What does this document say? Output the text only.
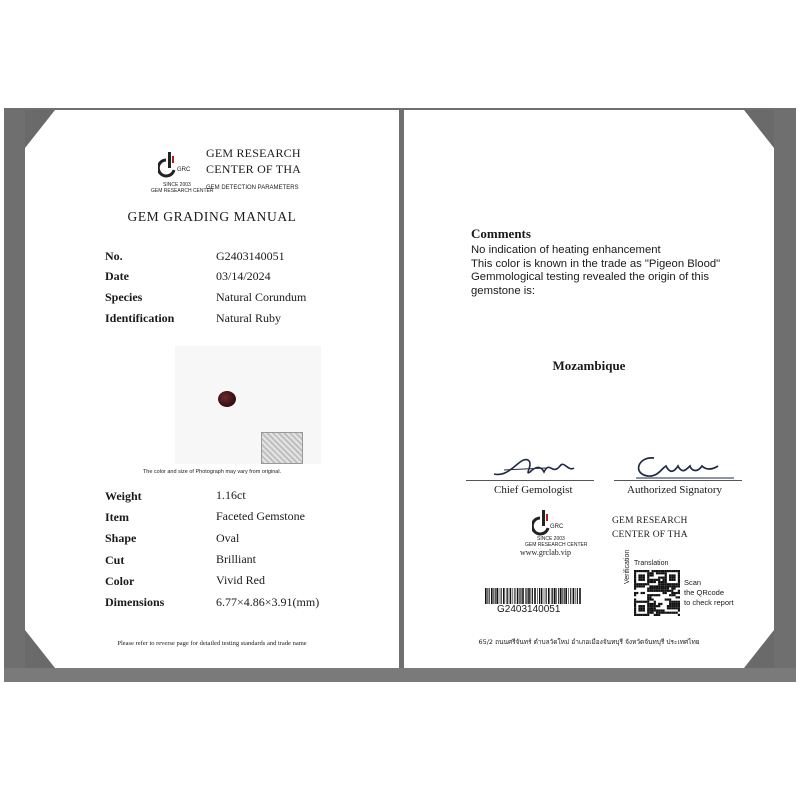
GRC
SINCE 2003
GEM RESEARCH CENTER
GEM RESEARCH
CENTER OF THA
GEM DETECTION PARAMETERS
GEM GRADING MANUAL
No.	G2403140051
Date	03/14/2024
Species	Natural Corundum
Identification	Natural Ruby
The color and size of Photograph may vary from original.
Weight	1.16ct
Item	Faceted Gemstone
Shape	Oval
Cut	Brilliant
Color	Vivid Red
Dimensions	6.77×4.86×3.91(mm)
Please refer to reverse page for detailed testing standards and trade name
Comments
No indication of heating enhancement
This color is known in the trade as "Pigeon Blood"
Gemmological testing revealed the origin of this
gemstone is:
Mozambique
Chief Gemologist	Authorized Signatory
GRC
SINCE 2003
GEM RESEARCH CENTER
www.grclab.vip
GEM RESEARCH
CENTER OF THA
G2403140051
Translation
Verification	Scan
the QRcode
to check report
65/2 ถนนศรีจันทร์ ตำบลวัดใหม่ อำเภอเมืองจันทบุรี จังหวัดจันทบุรี ประเทศไทย
